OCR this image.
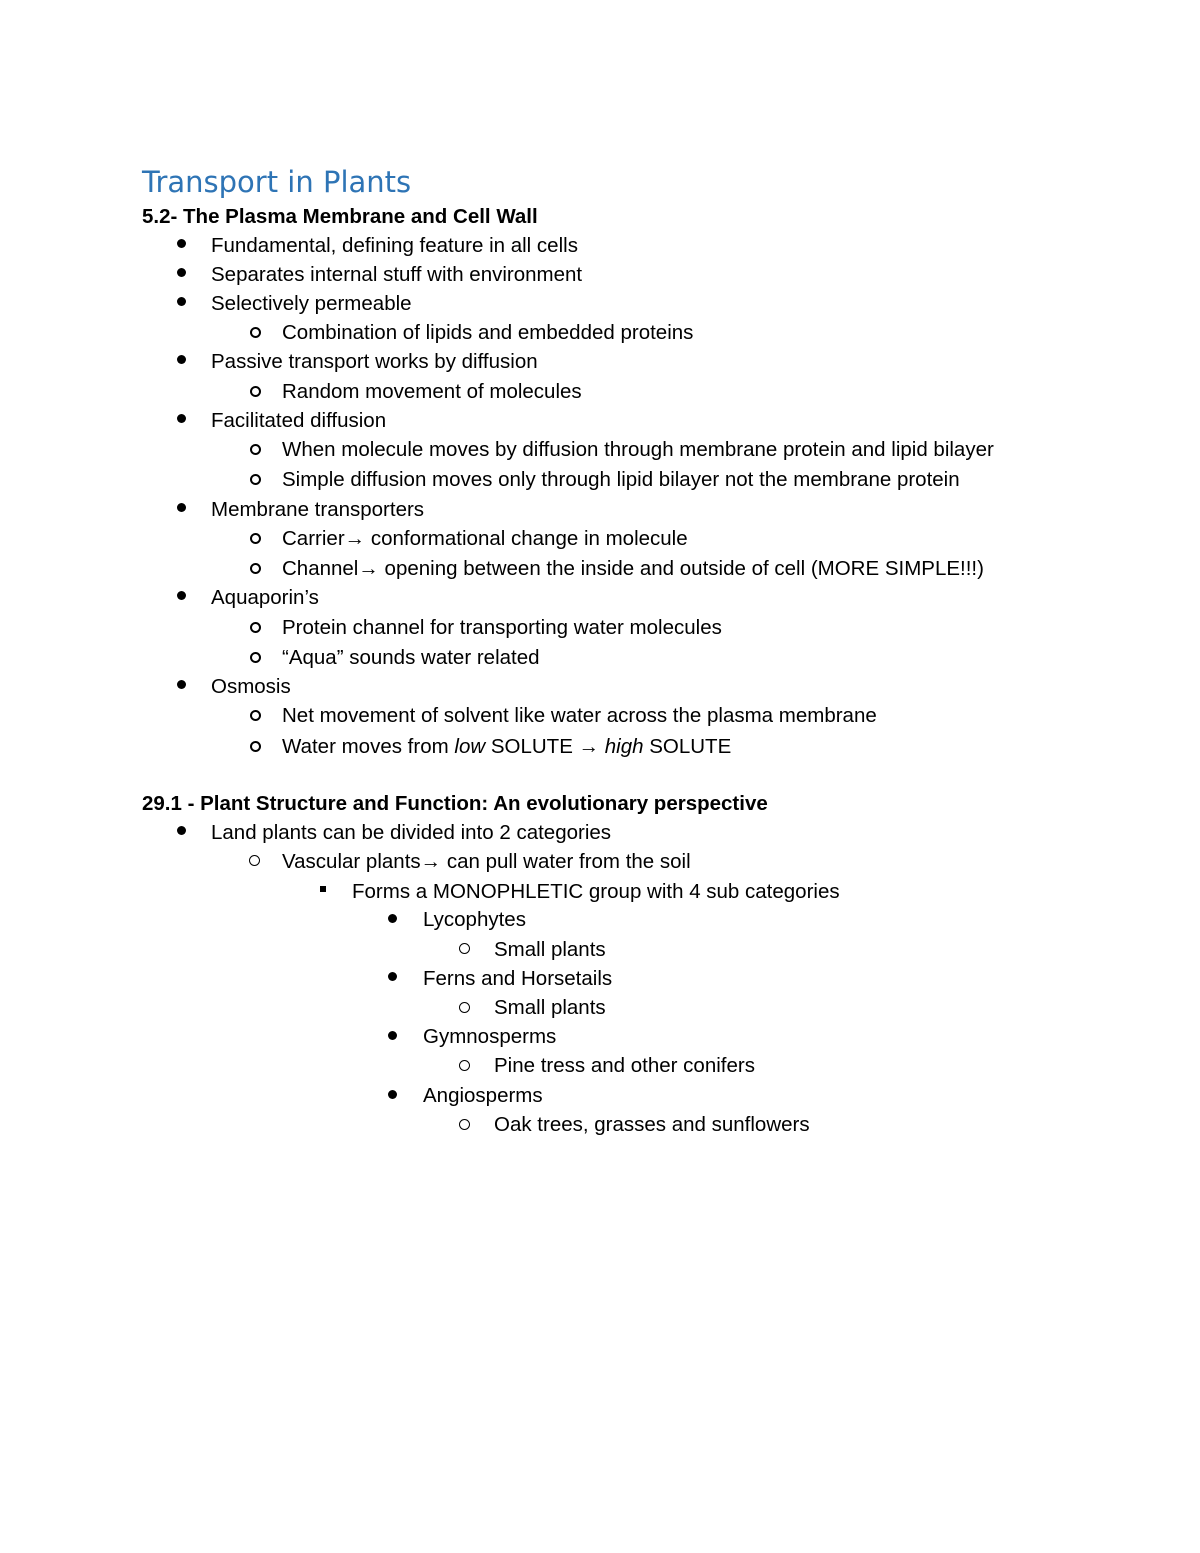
Transport in Plants
5.2- The Plasma Membrane and Cell Wall
Fundamental, defining feature in all cells
Separates internal stuff with environment
Selectively permeable
Combination of lipids and embedded proteins
Passive transport works by diffusion
Random movement of molecules
Facilitated diffusion
When molecule moves by diffusion through membrane protein and lipid bilayer
Simple diffusion moves only through lipid bilayer not the membrane protein
Membrane transporters
Carrier→ conformational change in molecule
Channel→ opening between the inside and outside of cell (MORE SIMPLE!!!)
Aquaporin’s
Protein channel for transporting water molecules
“Aqua” sounds water related
Osmosis
Net movement of solvent like water across the plasma membrane
Water moves from low SOLUTE → high SOLUTE
29.1 - Plant Structure and Function: An evolutionary perspective
Land plants can be divided into 2 categories
Vascular plants→ can pull water from the soil
Forms a MONOPHLETIC group with 4 sub categories
Lycophytes
Small plants
Ferns and Horsetails
Small plants
Gymnosperms
Pine tress and other conifers
Angiosperms
Oak trees, grasses and sunflowers
